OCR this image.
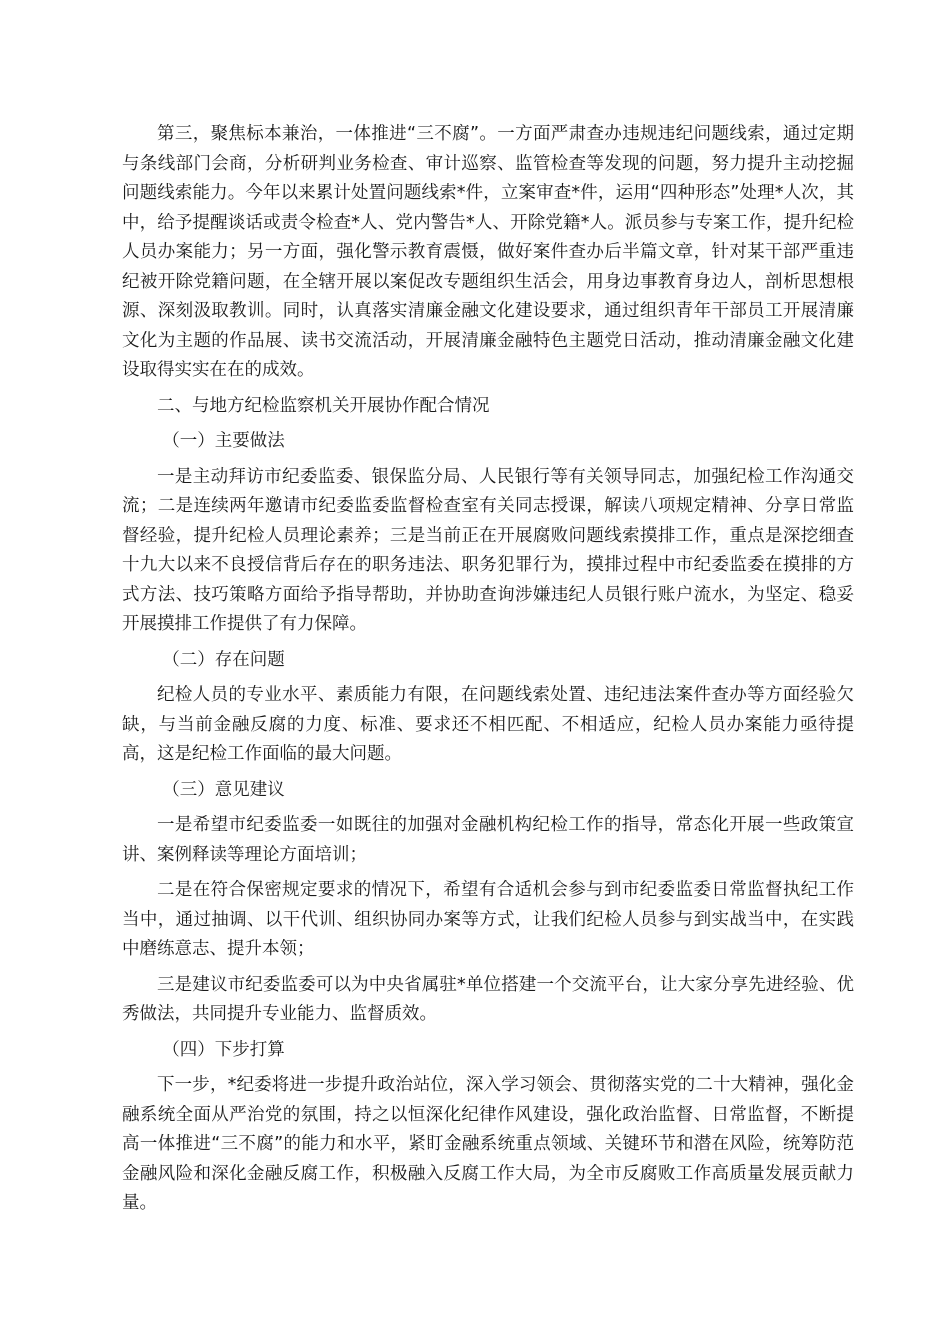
第三，聚焦标本兼治，一体推进“三不腐”。一方面严肃查办违规违纪问题线索，通过定期与条线部门会商，分析研判业务检查、审计巡察、监管检查等发现的问题，努力提升主动挖掘问题线索能力。今年以来累计处置问题线索*件，立案审查*件，运用“四种形态”处理*人次，其中，给予提醒谈话或责令检查*人、党内警告*人、开除党籍*人。派员参与专案工作，提升纪检人员办案能力；另一方面，强化警示教育震慑，做好案件查办后半篇文章，针对某干部严重违纪被开除党籍问题，在全辖开展以案促改专题组织生活会，用身边事教育身边人，剖析思想根源、深刻汲取教训。同时，认真落实清廉金融文化建设要求，通过组织青年干部员工开展清廉文化为主题的作品展、读书交流活动，开展清廉金融特色主题党日活动，推动清廉金融文化建设取得实实在在的成效。

二、与地方纪检监察机关开展协作配合情况

（一）主要做法

一是主动拜访市纪委监委、银保监分局、人民银行等有关领导同志，加强纪检工作沟通交流；二是连续两年邀请市纪委监委监督检查室有关同志授课，解读八项规定精神、分享日常监督经验，提升纪检人员理论素养；三是当前正在开展腐败问题线索摸排工作，重点是深挖细查十九大以来不良授信背后存在的职务违法、职务犯罪行为，摸排过程中市纪委监委在摸排的方式方法、技巧策略方面给予指导帮助，并协助查询涉嫌违纪人员银行账户流水，为坚定、稳妥开展摸排工作提供了有力保障。

（二）存在问题

纪检人员的专业水平、素质能力有限，在问题线索处置、违纪违法案件查办等方面经验欠缺，与当前金融反腐的力度、标准、要求还不相匹配、不相适应，纪检人员办案能力亟待提高，这是纪检工作面临的最大问题。

（三）意见建议

一是希望市纪委监委一如既往的加强对金融机构纪检工作的指导，常态化开展一些政策宣讲、案例释读等理论方面培训；

二是在符合保密规定要求的情况下，希望有合适机会参与到市纪委监委日常监督执纪工作当中，通过抽调、以干代训、组织协同办案等方式，让我们纪检人员参与到实战当中，在实践中磨练意志、提升本领；

三是建议市纪委监委可以为中央省属驻*单位搭建一个交流平台，让大家分享先进经验、优秀做法，共同提升专业能力、监督质效。

（四）下步打算

下一步，*纪委将进一步提升政治站位，深入学习领会、贯彻落实党的二十大精神，强化金融系统全面从严治党的氛围，持之以恒深化纪律作风建设，强化政治监督、日常监督，不断提高一体推进“三不腐”的能力和水平，紧盯金融系统重点领域、关键环节和潜在风险，统筹防范金融风险和深化金融反腐工作，积极融入反腐工作大局，为全市反腐败工作高质量发展贡献力量。
